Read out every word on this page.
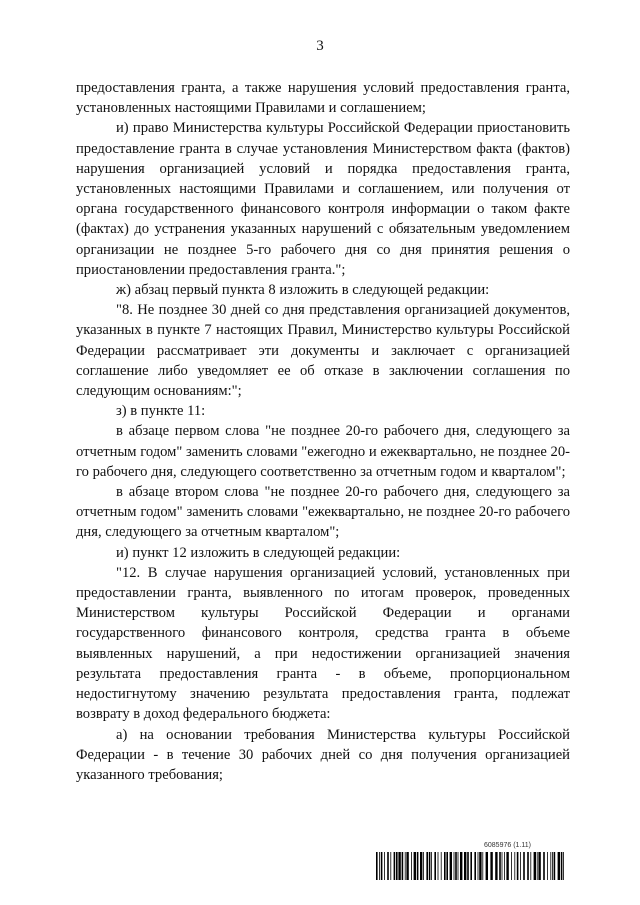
3

предоставления гранта, а также нарушения условий предоставления гранта, установленных настоящими Правилами и соглашением;

и) право Министерства культуры Российской Федерации приостановить предоставление гранта в случае установления Министерством факта (фактов) нарушения организацией условий и порядка предоставления гранта, установленных настоящими Правилами и соглашением, или получения от органа государственного финансового контроля информации о таком факте (фактах) до устранения указанных нарушений с обязательным уведомлением организации не позднее 5-го рабочего дня со дня принятия решения о приостановлении предоставления гранта.";

ж) абзац первый пункта 8 изложить в следующей редакции:

"8. Не позднее 30 дней со дня представления организацией документов, указанных в пункте 7 настоящих Правил, Министерство культуры Российской Федерации рассматривает эти документы и заключает с организацией соглашение либо уведомляет ее об отказе в заключении соглашения по следующим основаниям:";

з) в пункте 11:

в абзаце первом слова "не позднее 20-го рабочего дня, следующего за отчетным годом" заменить словами "ежегодно и ежеквартально, не позднее 20-го рабочего дня, следующего соответственно за отчетным годом и кварталом";

в абзаце втором слова "не позднее 20-го рабочего дня, следующего за отчетным годом" заменить словами "ежеквартально, не позднее 20-го рабочего дня, следующего за отчетным кварталом";

и) пункт 12 изложить в следующей редакции:

"12. В случае нарушения организацией условий, установленных при предоставлении гранта, выявленного по итогам проверок, проведенных Министерством культуры Российской Федерации и органами государственного финансового контроля, средства гранта в объеме выявленных нарушений, а при недостижении организацией значения результата предоставления гранта - в объеме, пропорциональном недостигнутому значению результата предоставления гранта, подлежат возврату в доход федерального бюджета:

а) на основании требования Министерства культуры Российской Федерации - в течение 30 рабочих дней со дня получения организацией указанного требования;

6085976 (1.11)
